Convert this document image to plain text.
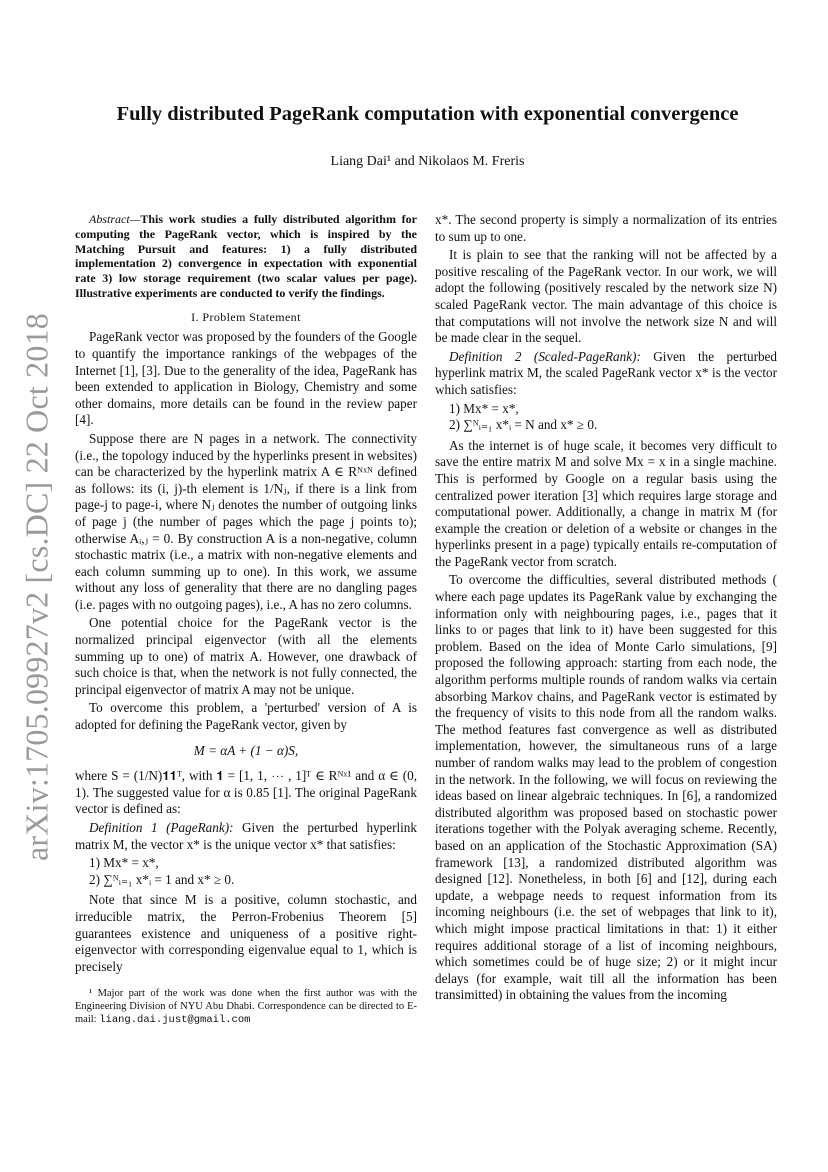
arXiv:1705.09927v2 [cs.DC] 22 Oct 2018
Fully distributed PageRank computation with exponential convergence
Liang Dai¹ and Nikolaos M. Freris

Abstract—This work studies a fully distributed algorithm for computing the PageRank vector, which is inspired by the Matching Pursuit and features: 1) a fully distributed implementation 2) convergence in expectation with exponential rate 3) low storage requirement (two scalar values per page). Illustrative experiments are conducted to verify the findings.

I. Problem Statement

PageRank vector was proposed by the founders of the Google to quantify the importance rankings of the webpages of the Internet [1], [3]. Due to the generality of the idea, PageRank has been extended to application in Biology, Chemistry and some other domains, more details can be found in the review paper [4].

Suppose there are N pages in a network. The connectivity (i.e., the topology induced by the hyperlinks present in websites) can be characterized by the hyperlink matrix A ∈ Rᴺˣᴺ defined as follows: its (i, j)-th element is 1/Nⱼ, if there is a link from page-j to page-i, where Nⱼ denotes the number of outgoing links of page j (the number of pages which the page j points to); otherwise Aᵢ,ⱼ = 0. By construction A is a non-negative, column stochastic matrix (i.e., a matrix with non-negative elements and each column summing up to one). In this work, we assume without any loss of generality that there are no dangling pages (i.e. pages with no outgoing pages), i.e., A has no zero columns.

One potential choice for the PageRank vector is the normalized principal eigenvector (with all the elements summing up to one) of matrix A. However, one drawback of such choice is that, when the network is not fully connected, the principal eigenvector of matrix A may not be unique.

To overcome this problem, a 'perturbed' version of A is adopted for defining the PageRank vector, given by

M = αA + (1 − α)S,

where S = (1/N)𝟏𝟏ᵀ, with 𝟏 = [1, 1, ⋯ , 1]ᵀ ∈ Rᴺˣ¹ and α ∈ (0, 1). The suggested value for α is 0.85 [1]. The original PageRank vector is defined as:

Definition 1 (PageRank): Given the perturbed hyperlink matrix M, the vector x* is the unique vector x* that satisfies:

1) Mx* = x*,
2) ∑ᴺᵢ₌₁ x*ᵢ = 1 and x* ≥ 0.

Note that since M is a positive, column stochastic, and irreducible matrix, the Perron-Frobenius Theorem [5] guarantees existence and uniqueness of a positive right-eigenvector with corresponding eigenvalue equal to 1, which is precisely

¹ Major part of the work was done when the first author was with the Engineering Division of NYU Abu Dhabi. Correspondence can be directed to E-mail: liang.dai.just@gmail.com

x*. The second property is simply a normalization of its entries to sum up to one.

It is plain to see that the ranking will not be affected by a positive rescaling of the PageRank vector. In our work, we will adopt the following (positively rescaled by the network size N) scaled PageRank vector. The main advantage of this choice is that computations will not involve the network size N and will be made clear in the sequel.

Definition 2 (Scaled-PageRank): Given the perturbed hyperlink matrix M, the scaled PageRank vector x* is the vector which satisfies:

1) Mx* = x*,
2) ∑ᴺᵢ₌₁ x*ᵢ = N and x* ≥ 0.

As the internet is of huge scale, it becomes very difficult to save the entire matrix M and solve Mx = x in a single machine. This is performed by Google on a regular basis using the centralized power iteration [3] which requires large storage and computational power. Additionally, a change in matrix M (for example the creation or deletion of a website or changes in the hyperlinks present in a page) typically entails re-computation of the PageRank vector from scratch.

To overcome the difficulties, several distributed methods ( where each page updates its PageRank value by exchanging the information only with neighbouring pages, i.e., pages that it links to or pages that link to it) have been suggested for this problem. Based on the idea of Monte Carlo simulations, [9] proposed the following approach: starting from each node, the algorithm performs multiple rounds of random walks via certain absorbing Markov chains, and PageRank vector is estimated by the frequency of visits to this node from all the random walks. The method features fast convergence as well as distributed implementation, however, the simultaneous runs of a large number of random walks may lead to the problem of congestion in the network. In the following, we will focus on reviewing the ideas based on linear algebraic techniques. In [6], a randomized distributed algorithm was proposed based on stochastic power iterations together with the Polyak averaging scheme. Recently, based on an application of the Stochastic Approximation (SA) framework [13], a randomized distributed algorithm was designed [12]. Nonetheless, in both [6] and [12], during each update, a webpage needs to request information from its incoming neighbours (i.e. the set of webpages that link to it), which might impose practical limitations in that: 1) it either requires additional storage of a list of incoming neighbours, which sometimes could be of huge size; 2) or it might incur delays (for example, wait till all the information has been transimitted) in obtaining the values from the incoming
